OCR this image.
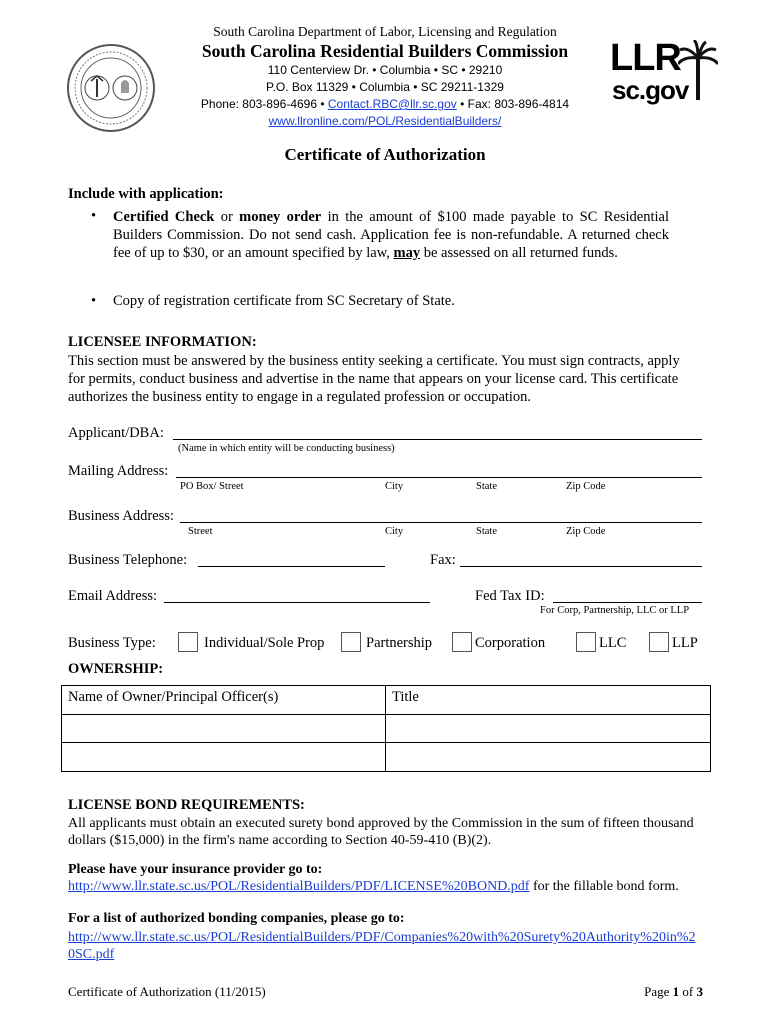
South Carolina Department of Labor, Licensing and Regulation
South Carolina Residential Builders Commission
110 Centerview Dr. • Columbia • SC • 29210
P.O. Box 11329 • Columbia • SC 29211-1329
Phone: 803-896-4696 • Contact.RBC@llr.sc.gov • Fax: 803-896-4814
www.llronline.com/POL/ResidentialBuilders/
LLR
sc.gov
Certificate of Authorization
Include with application:
• Certified Check or money order in the amount of $100 made payable to SC Residential Builders Commission. Do not send cash. Application fee is non-refundable. A returned check fee of up to $30, or an amount specified by law, may be assessed on all returned funds.
• Copy of registration certificate from SC Secretary of State.
LICENSEE INFORMATION:
This section must be answered by the business entity seeking a certificate. You must sign contracts, apply for permits, conduct business and advertise in the name that appears on your license card. This certificate authorizes the business entity to engage in a regulated profession or occupation.
Applicant/DBA:
(Name in which entity will be conducting business)
Mailing Address:
PO Box/ Street	City	State	Zip Code
Business Address:
Street	City	State	Zip Code
Business Telephone:	Fax:
Email Address:	Fed Tax ID:
For Corp, Partnership, LLC or LLP
Business Type:	Individual/Sole Prop	Partnership	Corporation	LLC	LLP
OWNERSHIP:
Name of Owner/Principal Officer(s)	Title
LICENSE BOND REQUIREMENTS:
All applicants must obtain an executed surety bond approved by the Commission in the sum of fifteen thousand dollars ($15,000) in the firm's name according to Section 40-59-410 (B)(2).
Please have your insurance provider go to:
http://www.llr.state.sc.us/POL/ResidentialBuilders/PDF/LICENSE%20BOND.pdf for the fillable bond form.
For a list of authorized bonding companies, please go to:
http://www.llr.state.sc.us/POL/ResidentialBuilders/PDF/Companies%20with%20Surety%20Authority%20in%20SC.pdf
Certificate of Authorization (11/2015)	Page 1 of 3
